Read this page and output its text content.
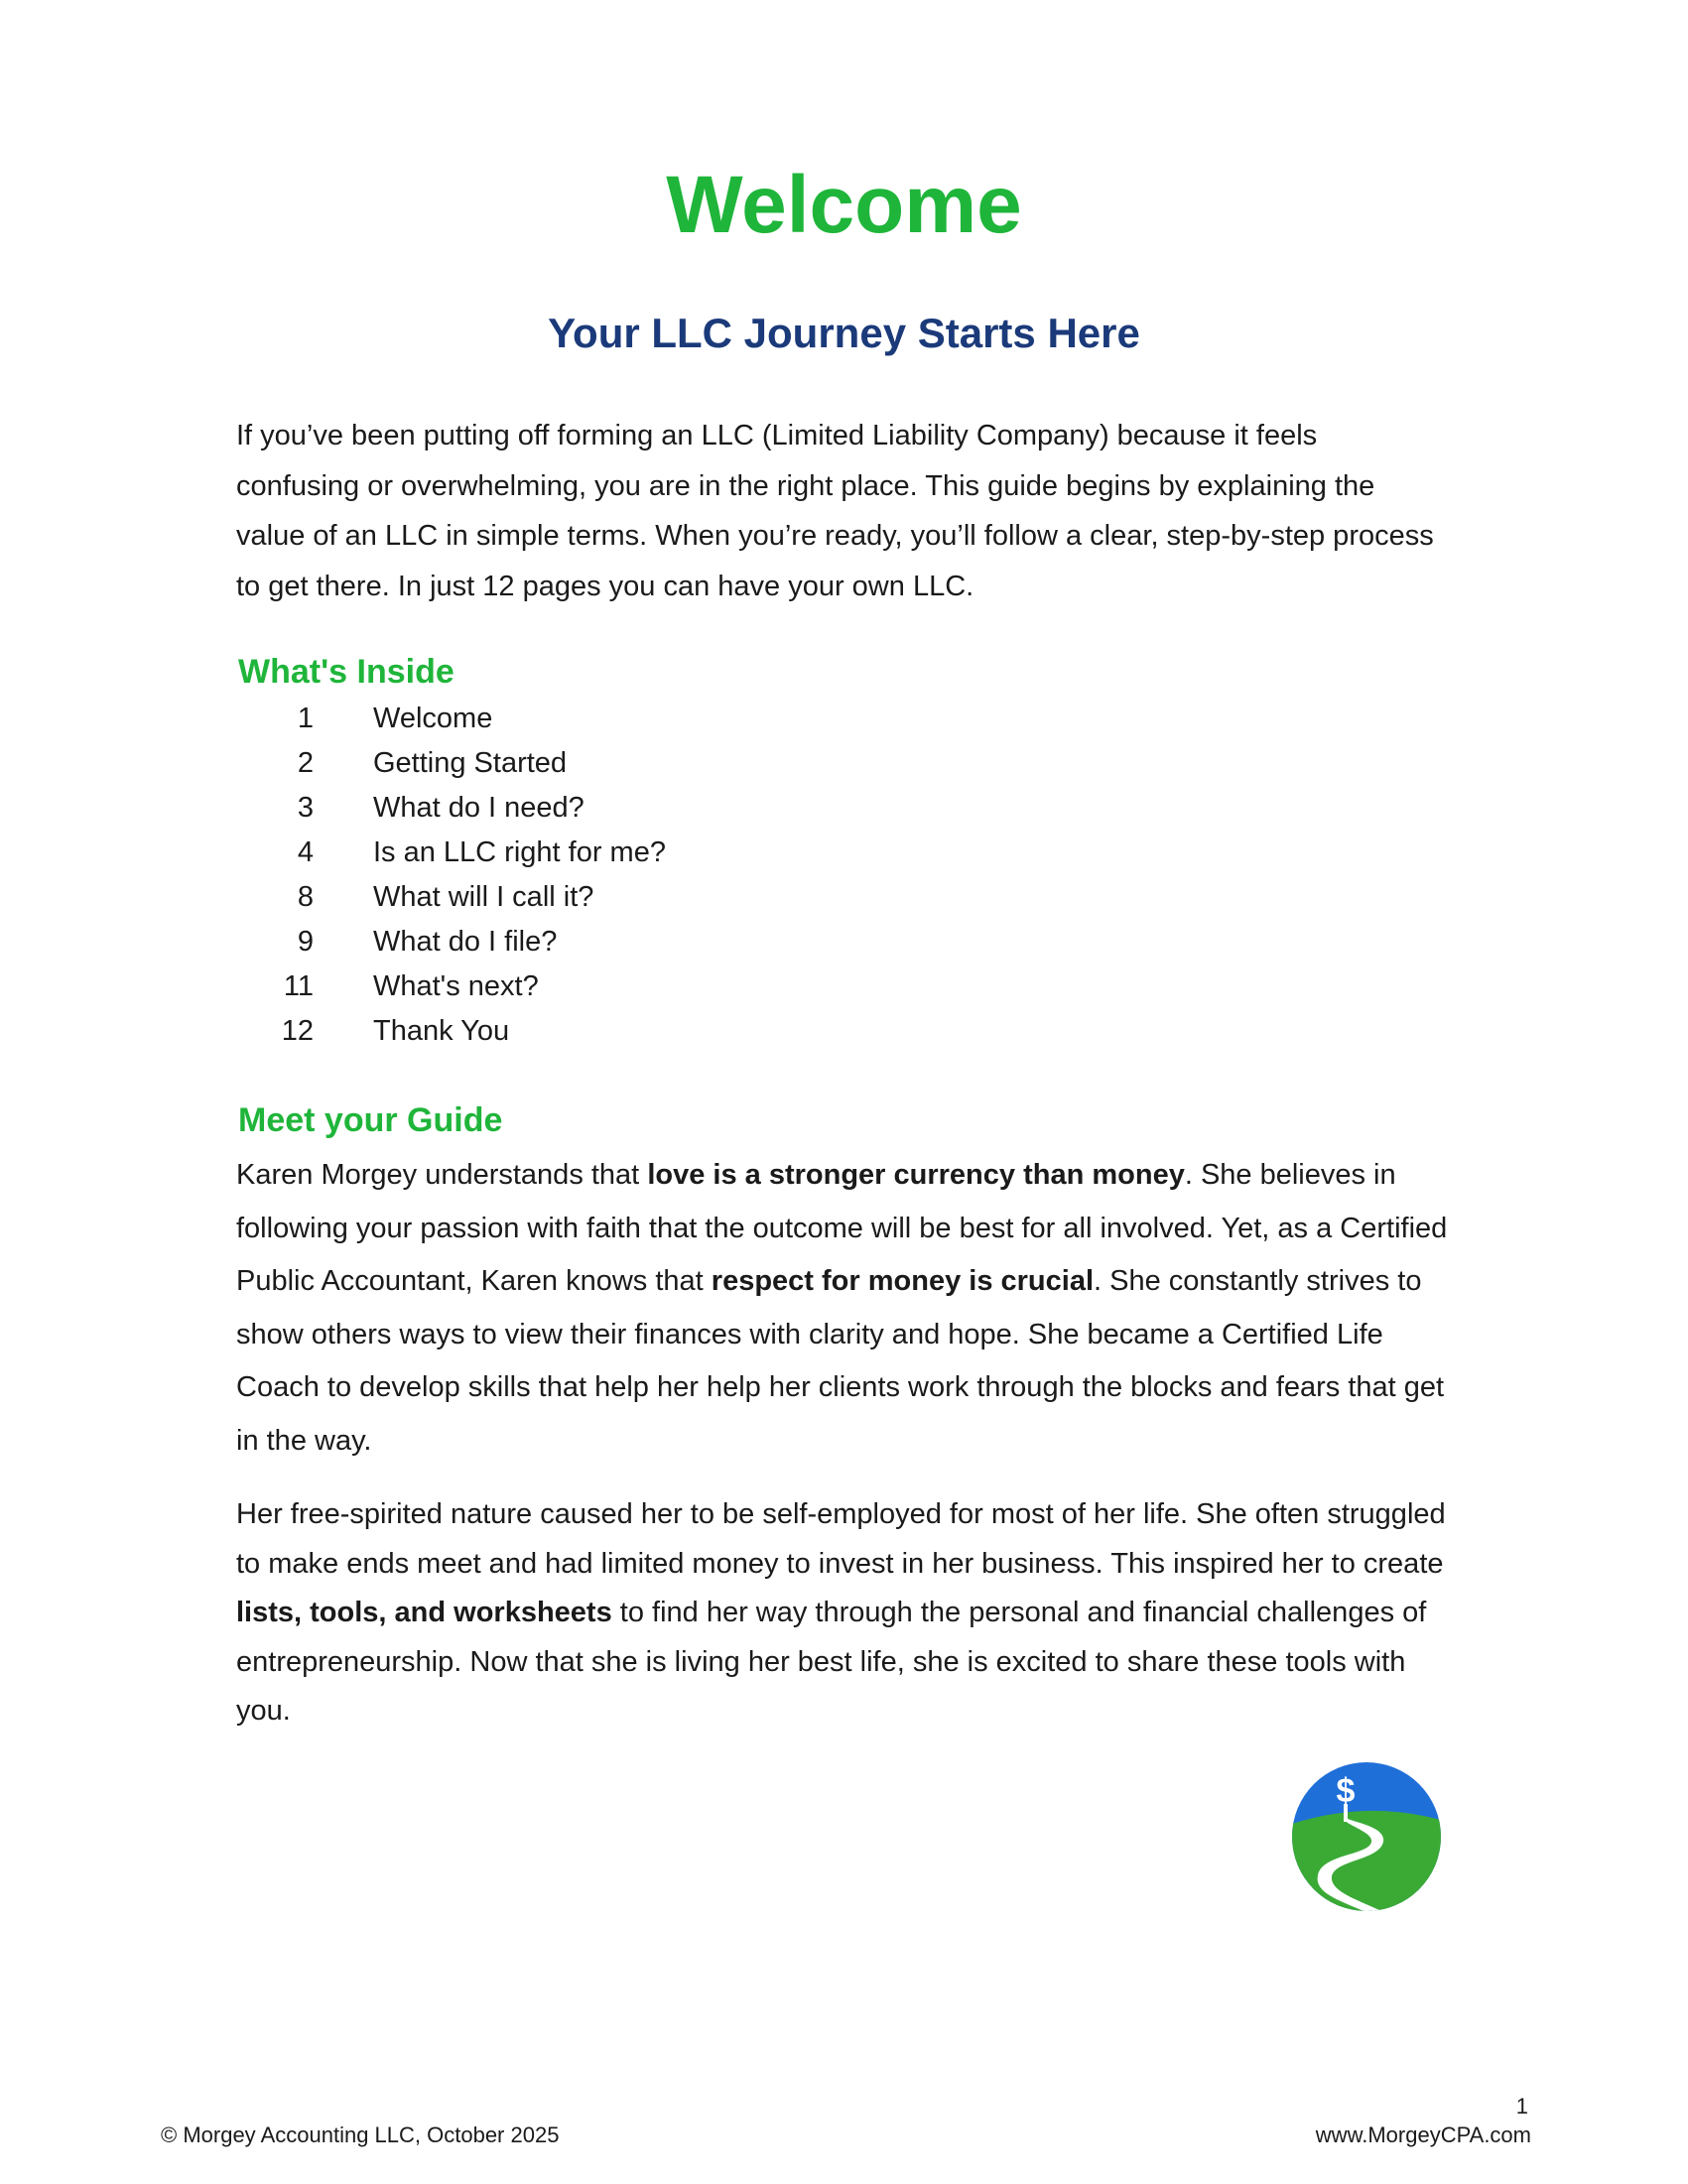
Welcome
Your LLC Journey Starts Here

If you’ve been putting off forming an LLC (Limited Liability Company) because it feels confusing or overwhelming, you are in the right place. This guide begins by explaining the value of an LLC in simple terms. When you’re ready, you’ll follow a clear, step-by-step process to get there. In just 12 pages you can have your own LLC.

What's Inside
1 Welcome
2 Getting Started
3 What do I need?
4 Is an LLC right for me?
8 What will I call it?
9 What do I file?
11 What's next?
12 Thank You
Meet your Guide

Karen Morgey understands that love is a stronger currency than money. She believes in following your passion with faith that the outcome will be best for all involved. Yet, as a Certified Public Accountant, Karen knows that respect for money is crucial. She constantly strives to show others ways to view their finances with clarity and hope. She became a Certified Life Coach to develop skills that help her help her clients work through the blocks and fears that get in the way.

Her free-spirited nature caused her to be self-employed for most of her life. She often struggled to make ends meet and had limited money to invest in her business. This inspired her to create lists, tools, and worksheets to find her way through the personal and financial challenges of entrepreneurship. Now that she is living her best life, she is excited to share these tools with you.

$
1
© Morgey Accounting LLC, October 2025	www.MorgeyCPA.com
